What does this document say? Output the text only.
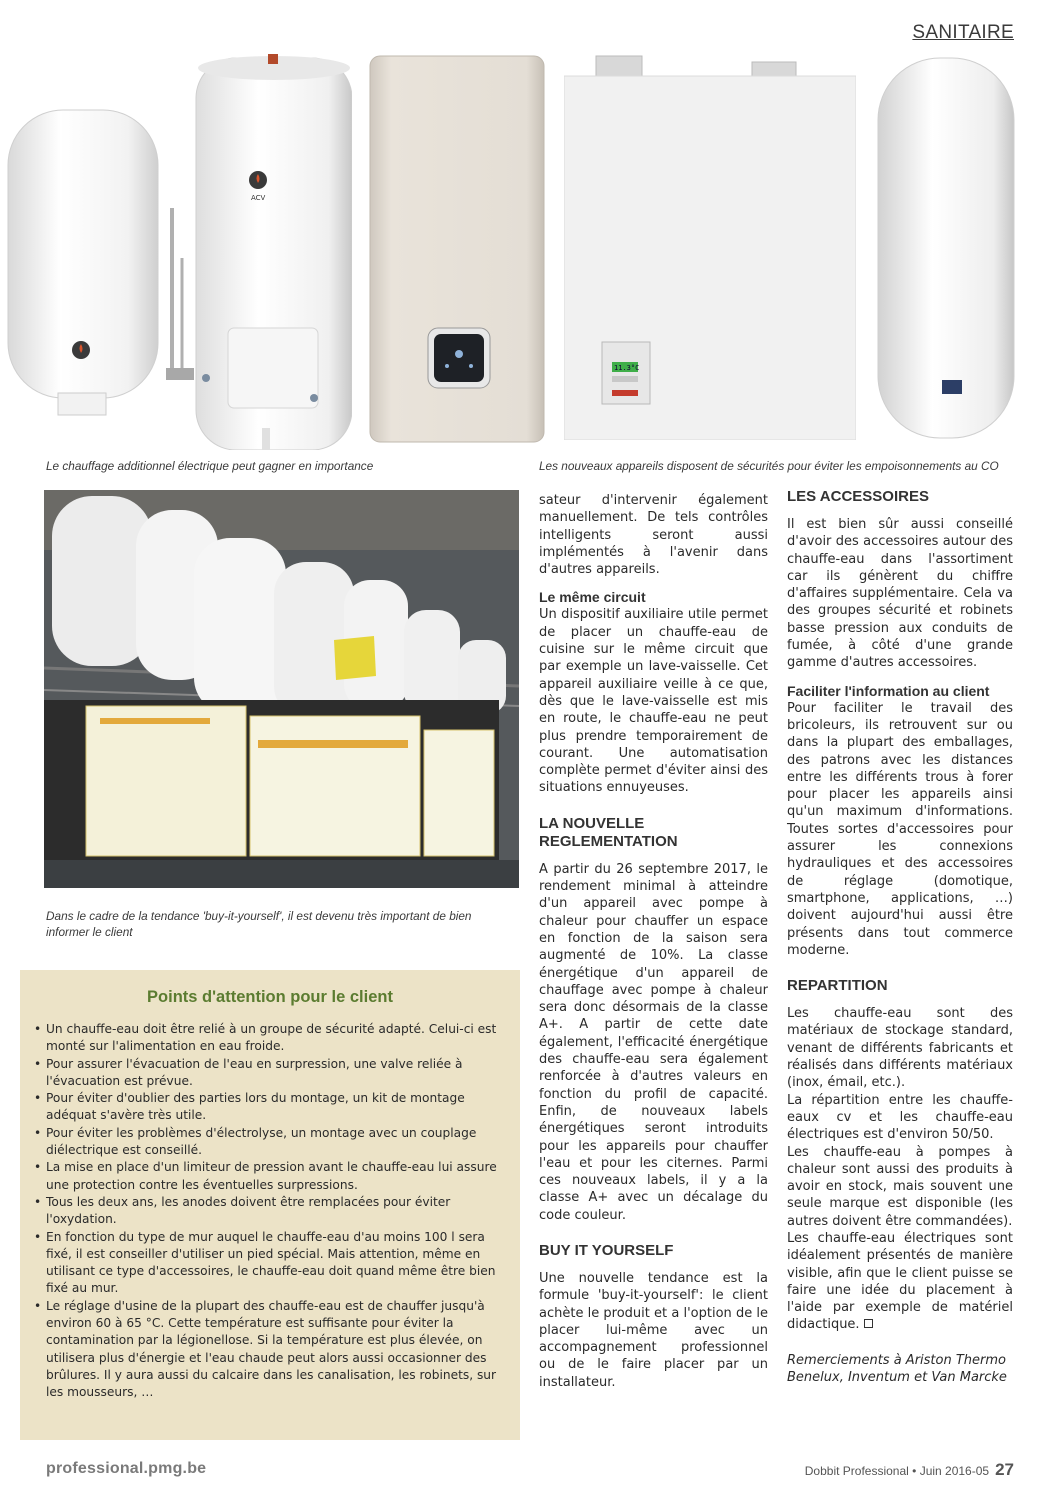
SANITAIRE
ACV
11.3°C
Le chauffage additionnel électrique peut gagner en importance	Les nouveaux appareils disposent de sécurités pour éviter les empoisonnements au CO
Dans le cadre de la tendance 'buy-it-yourself', il est devenu très important de bien informer le client
Points d'attention pour le client
• Un chauffe-eau doit être relié à un groupe de sécurité adapté. Celui-ci est monté sur l'alimentation en eau froide.
• Pour assurer l'évacuation de l'eau en surpression, une valve reliée à l'évacuation est prévue.
• Pour éviter d'oublier des parties lors du montage, un kit de montage adéquat s'avère très utile.
• Pour éviter les problèmes d'électrolyse, un montage avec un couplage diélectrique est conseillé.
• La mise en place d'un limiteur de pression avant le chauffe-eau lui assure une protection contre les éventuelles surpressions.
• Tous les deux ans, les anodes doivent être remplacées pour éviter l'oxydation.
• En fonction du type de mur auquel le chauffe-eau d'au moins 100 l sera fixé, il est conseiller d'utiliser un pied spécial. Mais attention, même en utilisant ce type d'accessoires, le chauffe-eau doit quand même être bien fixé au mur.
• Le réglage d'usine de la plupart des chauffe-eau est de chauffer jusqu'à environ 60 à 65 °C. Cette température est suffisante pour éviter la contamination par la légionellose. Si la température est plus élevée, on utilisera plus d'énergie et l'eau chaude peut alors aussi occasionner des brûlures. Il y aura aussi du calcaire dans les canalisation, les robinets, sur les mousseurs, …

sateur d'intervenir également manuellement. De tels contrôles intelligents seront aussi implémentés à l'avenir dans d'autres appareils.

Le même circuit

Un dispositif auxiliaire utile permet de placer un chauffe-eau de cuisine sur le même circuit que par exemple un lave-vaisselle. Cet appareil auxiliaire veille à ce que, dès que le lave-vaisselle est mis en route, le chauffe-eau ne peut plus prendre temporairement de courant. Une automatisation complète permet d'éviter ainsi des situations ennuyeuses.

LA NOUVELLE REGLEMENTATION

A partir du 26 septembre 2017, le rendement minimal à atteindre d'un appareil avec pompe à chaleur pour chauffer un espace en fonction de la saison sera augmenté de 10%. La classe énergétique d'un appareil de chauffage avec pompe à chaleur sera donc désormais de la classe A+. A partir de cette date également, l'efficacité énergétique des chauffe-eau sera également renforcée à d'autres valeurs en fonction du profil de capacité. Enfin, de nouveaux labels énergétiques seront introduits pour les appareils pour chauffer l'eau et pour les citernes. Parmi ces nouveaux labels, il y a la classe A+ avec un décalage du code couleur.

BUY IT YOURSELF

Une nouvelle tendance est la formule 'buy-it-yourself': le client achète le produit et a l'option de le placer lui-même avec un accompagnement professionnel ou de le faire placer par un installateur.

LES ACCESSOIRES

Il est bien sûr aussi conseillé d'avoir des accessoires autour des chauffe-eau dans l'assortiment car ils génèrent du chiffre d'affaires supplémentaire. Cela va des groupes sécurité et robinets basse pression aux conduits de fumée, à côté d'une grande gamme d'autres accessoires.

Faciliter l'information au client

Pour faciliter le travail des bricoleurs, ils retrouvent sur ou dans la plupart des emballages, des patrons avec les distances entre les différents trous à forer pour placer les appareils ainsi qu'un maximum d'informations. Toutes sortes d'accessoires pour assurer les connexions hydrauliques et des accessoires de réglage (domotique, smartphone, applications, …) doivent aujourd'hui aussi être présents dans tout commerce moderne.

REPARTITION

Les chauffe-eau sont des matériaux de stockage standard, venant de différents fabricants et réalisés dans différents matériaux (inox, émail, etc.).

La répartition entre les chauffe-eaux cv et les chauffe-eau électriques est d'environ 50/50.

Les chauffe-eau à pompes à chaleur sont aussi des produits à avoir en stock, mais souvent une seule marque est disponible (les autres doivent être commandées).

Les chauffe-eau électriques sont idéalement présentés de manière visible, afin que le client puisse se faire une idée du placement à l'aide par exemple de matériel didactique.

Remerciements à Ariston Thermo Benelux, Inventum et Van Marcke

professional.pmg.be	Dobbit Professional • Juin 2016-05 27
